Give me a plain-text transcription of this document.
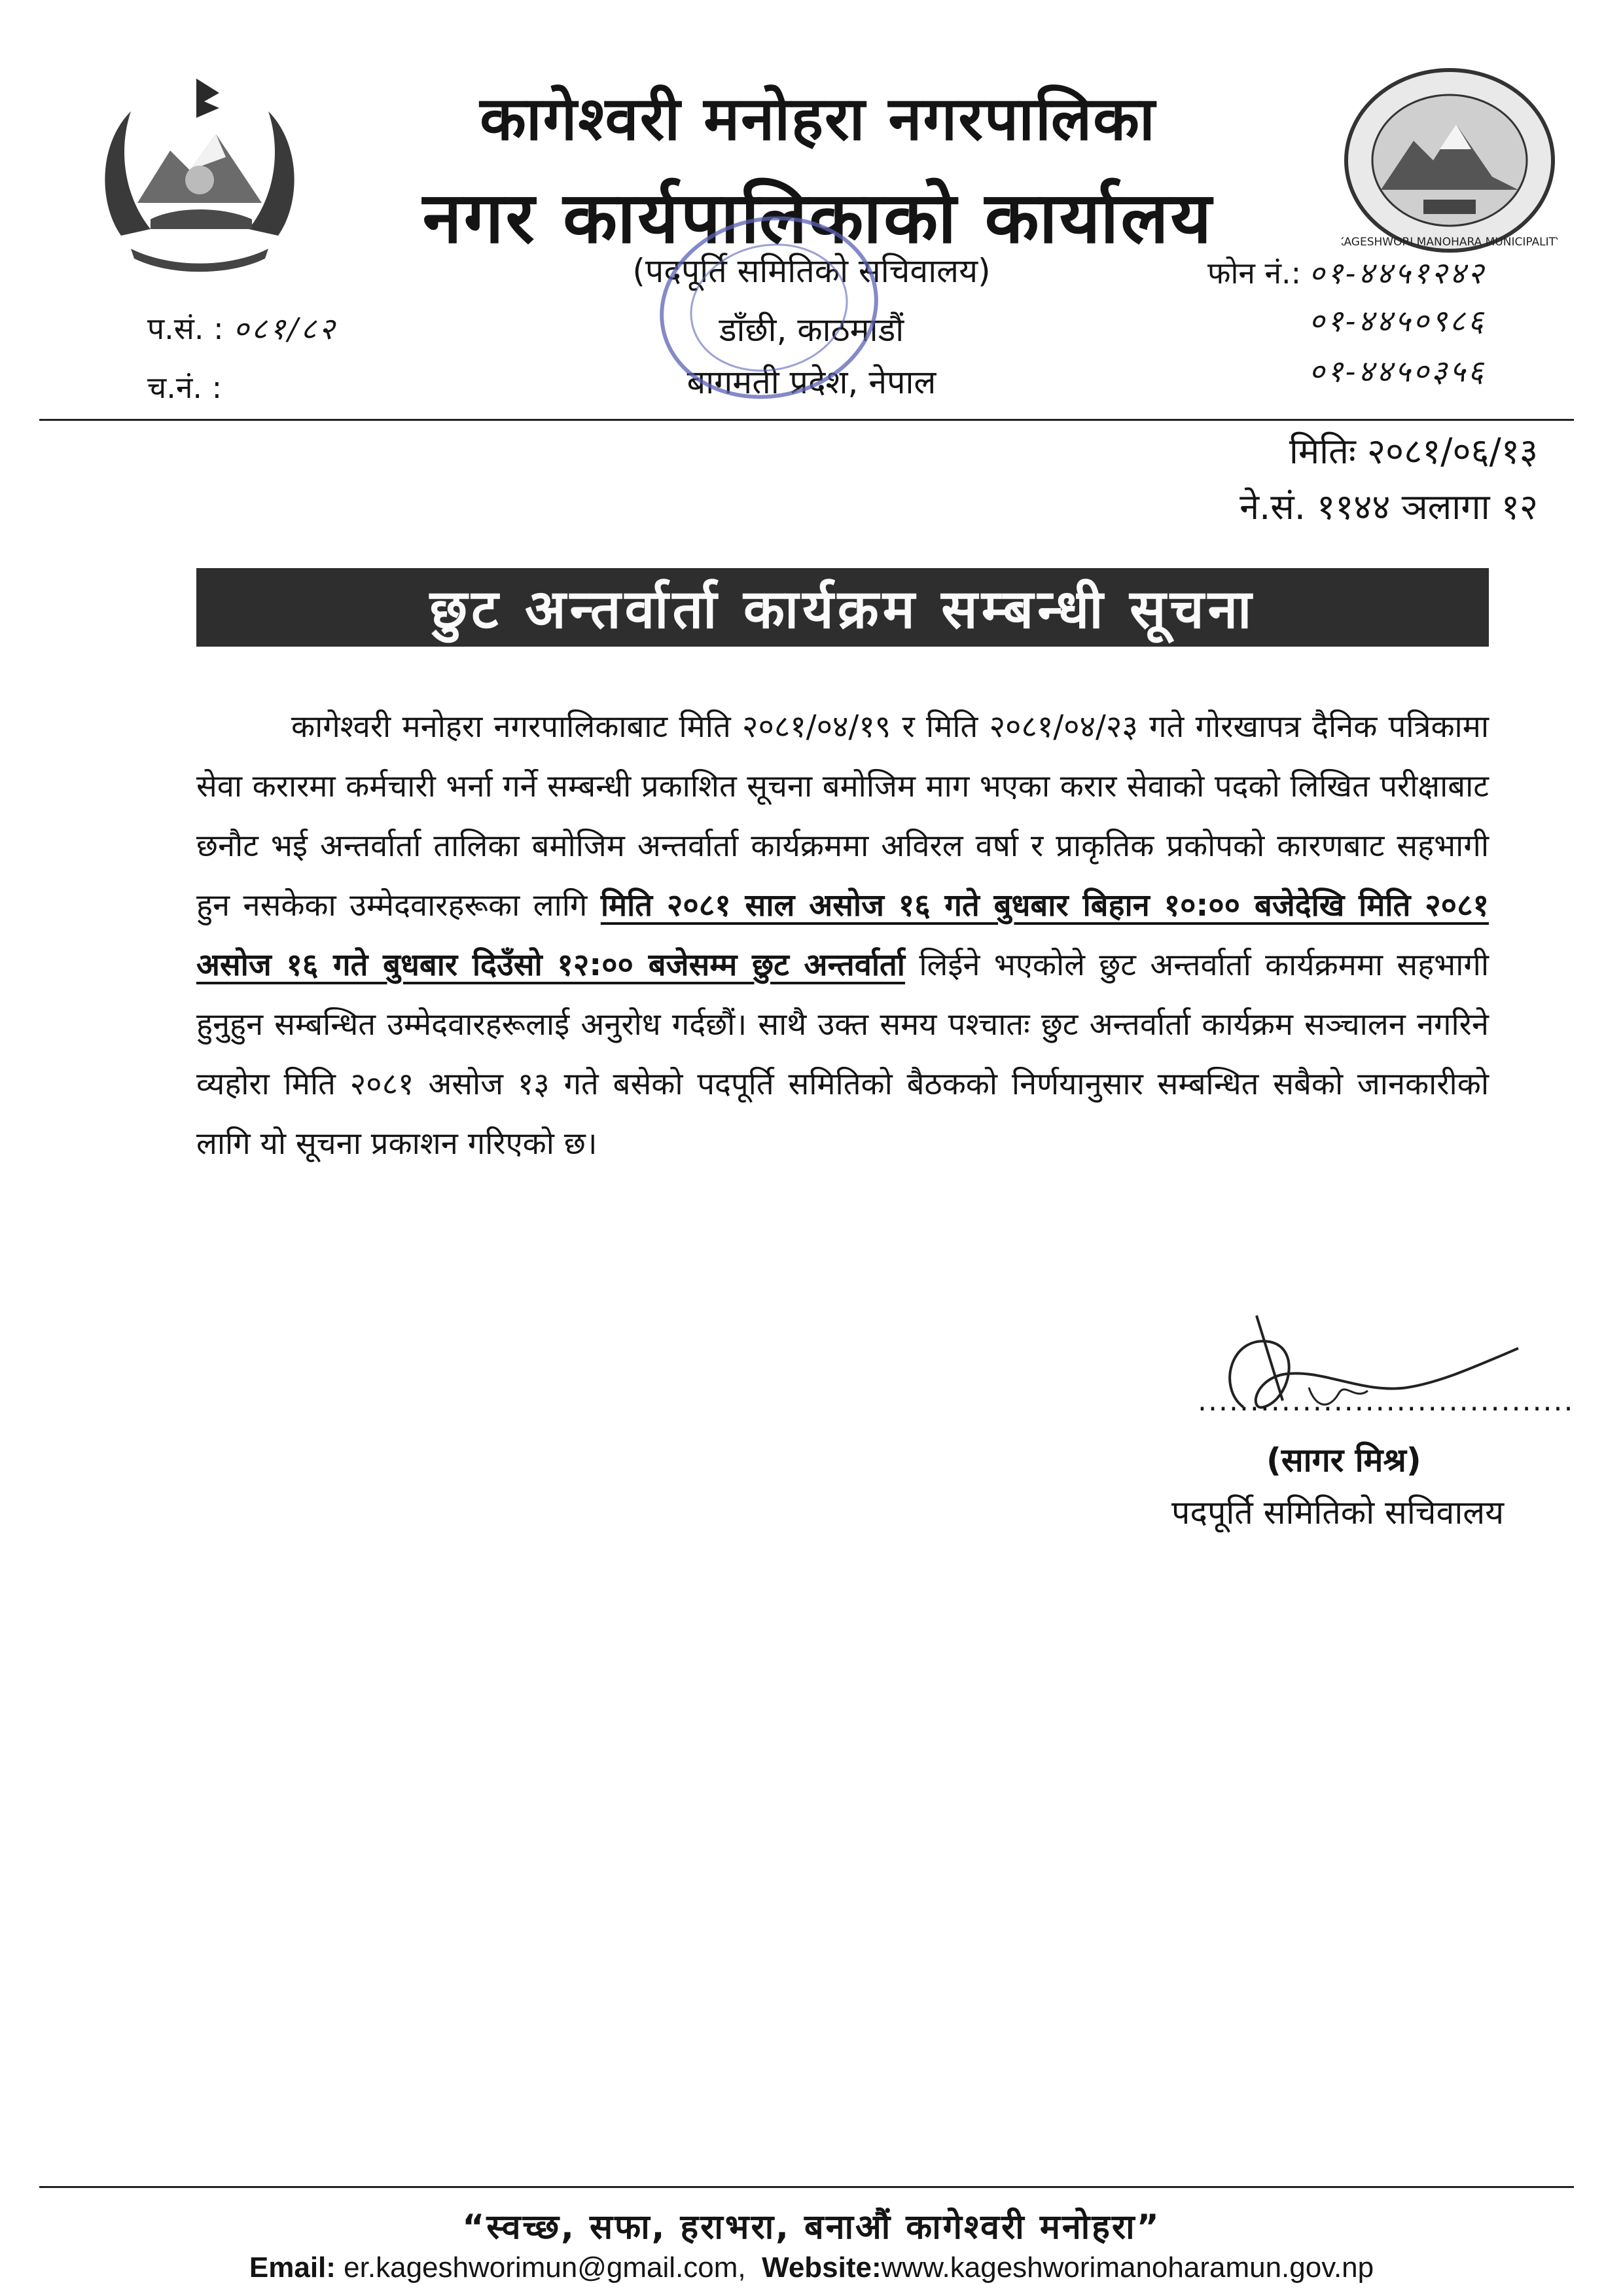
KAGESHWORI MANOHARA MUNICIPALITY
कागेश्वरी मनोहरा नगरपालिका
नगर कार्यपालिकाको कार्यालय
(पदपूर्ति समितिको सचिवालय)
डाँछी, काठमाडौं
बागमती प्रदेश, नेपाल
प.सं. : ०८१/८२
च.नं. :
फोन नं.: ०१-४४५१२४२
०१-४४५०९८६
०१-४४५०३५६
मितिः २०८१/०६/१३
ने.सं. ११४४ ञलागा १२
छुट अन्तर्वार्ता कार्यक्रम सम्बन्धी सूचना
कागेश्वरी मनोहरा नगरपालिकाबाट मिति २०८१/०४/१९ र मिति २०८१/०४/२३ गते गोरखापत्र दैनिक पत्रिकामा सेवा करारमा कर्मचारी भर्ना गर्ने सम्बन्धी प्रकाशित सूचना बमोजिम माग भएका करार सेवाको पदको लिखित परीक्षाबाट छनौट भई अन्तर्वार्ता तालिका बमोजिम अन्तर्वार्ता कार्यक्रममा अविरल वर्षा र प्राकृतिक प्रकोपको कारणबाट सहभागी हुन नसकेका उम्मेदवारहरूका लागि मिति २०८१ साल असोज १६ गते बुधबार बिहान १०:०० बजेदेखि मिति २०८१ असोज १६ गते बुधबार दिउँसो १२:०० बजेसम्म छुट अन्तर्वार्ता लिईने भएकोले छुट अन्तर्वार्ता कार्यक्रममा सहभागी हुनुहुन सम्बन्धित उम्मेदवारहरूलाई अनुरोध गर्दछौं। साथै उक्त समय पश्चातः छुट अन्तर्वार्ता कार्यक्रम सञ्चालन नगरिने व्यहोरा मिति २०८१ असोज १३ गते बसेको पदपूर्ति समितिको बैठकको निर्णयानुसार सम्बन्धित सबैको जानकारीको लागि यो सूचना प्रकाशन गरिएको छ।
....................................
(सागर मिश्र)
पदपूर्ति समितिको सचिवालय
“स्वच्छ, सफा, हराभरा, बनाऔं कागेश्वरी मनोहरा”
Email: er.kageshworimun@gmail.com, Website:www.kageshworimanoharamun.gov.np
